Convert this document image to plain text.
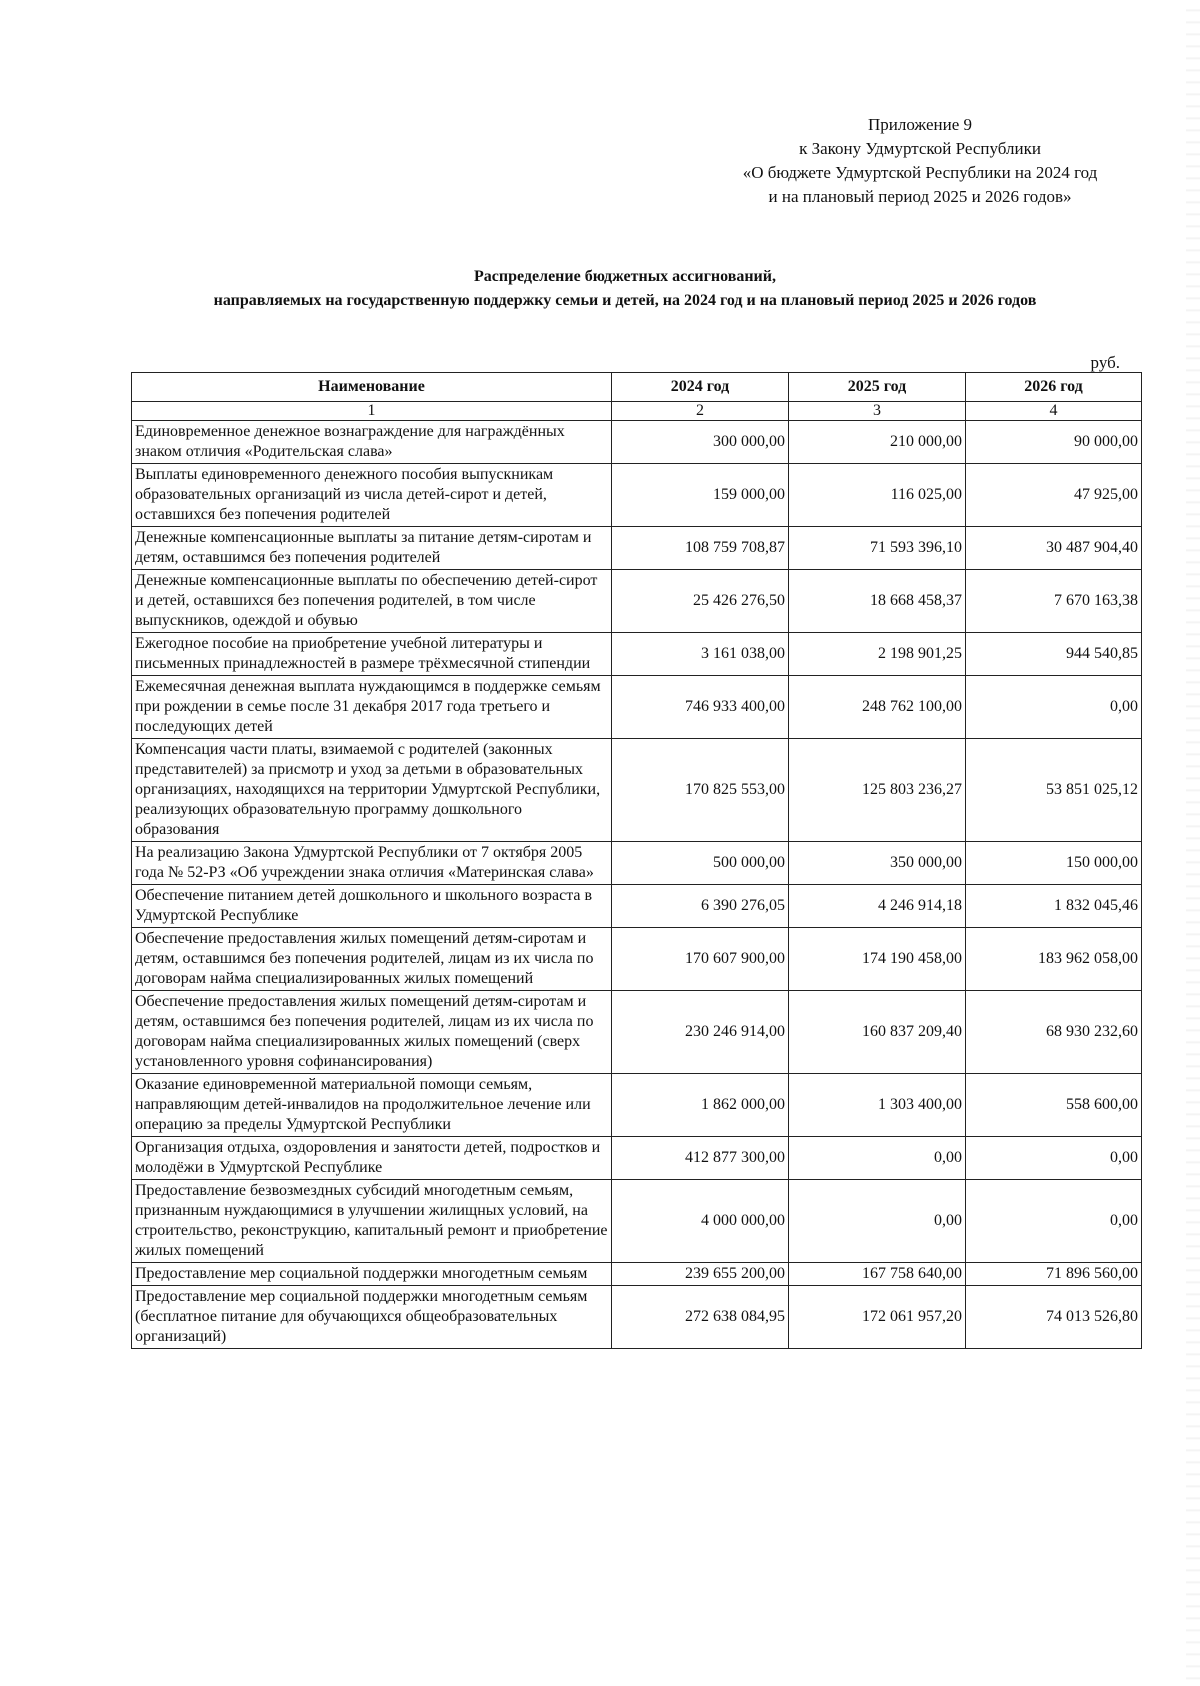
Приложение 9
к Закону Удмуртской Республики
«О бюджете Удмуртской Республики на 2024 год
и на плановый период 2025 и 2026 годов»
Распределение бюджетных ассигнований,
направляемых на государственную поддержку семьи и детей, на 2024 год и на плановый период 2025 и 2026 годов
руб.
Наименование	2024 год	2025 год	2026 год
1	2	3	4
Единовременное денежное вознаграждение для награждённых знаком отличия «Родительская слава»	300 000,00	210 000,00	90 000,00
Выплаты единовременного денежного пособия выпускникам образовательных организаций из числа детей-сирот и детей, оставшихся без попечения родителей	159 000,00	116 025,00	47 925,00
Денежные компенсационные выплаты за питание детям-сиротам и детям, оставшимся без попечения родителей	108 759 708,87	71 593 396,10	30 487 904,40
Денежные компенсационные выплаты по обеспечению детей-сирот и детей, оставшихся без попечения родителей, в том числе выпускников, одеждой и обувью	25 426 276,50	18 668 458,37	7 670 163,38
Ежегодное пособие на приобретение учебной литературы и письменных принадлежностей в размере трёхмесячной стипендии	3 161 038,00	2 198 901,25	944 540,85
Ежемесячная денежная выплата нуждающимся в поддержке семьям при рождении в семье после 31 декабря 2017 года третьего и последующих детей	746 933 400,00	248 762 100,00	0,00
Компенсация части платы, взимаемой с родителей (законных представителей) за присмотр и уход за детьми в образовательных организациях, находящихся на территории Удмуртской Республики, реализующих образовательную программу дошкольного образования	170 825 553,00	125 803 236,27	53 851 025,12
На реализацию Закона Удмуртской Республики от 7 октября 2005 года № 52-РЗ «Об учреждении знака отличия «Материнская слава»	500 000,00	350 000,00	150 000,00
Обеспечение питанием детей дошкольного и школьного возраста в Удмуртской Республике	6 390 276,05	4 246 914,18	1 832 045,46
Обеспечение предоставления жилых помещений детям-сиротам и детям, оставшимся без попечения родителей, лицам из их числа по договорам найма специализированных жилых помещений	170 607 900,00	174 190 458,00	183 962 058,00
Обеспечение предоставления жилых помещений детям-сиротам и детям, оставшимся без попечения родителей, лицам из их числа по договорам найма специализированных жилых помещений (сверх установленного уровня софинансирования)	230 246 914,00	160 837 209,40	68 930 232,60
Оказание единовременной материальной помощи семьям, направляющим детей-инвалидов на продолжительное лечение или операцию за пределы Удмуртской Республики	1 862 000,00	1 303 400,00	558 600,00
Организация отдыха, оздоровления и занятости детей, подростков и молодёжи в Удмуртской Республике	412 877 300,00	0,00	0,00
Предоставление безвозмездных субсидий многодетным семьям, признанным нуждающимися в улучшении жилищных условий, на строительство, реконструкцию, капитальный ремонт и приобретение жилых помещений	4 000 000,00	0,00	0,00
Предоставление мер социальной поддержки многодетным семьям	239 655 200,00	167 758 640,00	71 896 560,00
Предоставление мер социальной поддержки многодетным семьям (бесплатное питание для обучающихся общеобразовательных организаций)	272 638 084,95	172 061 957,20	74 013 526,80
